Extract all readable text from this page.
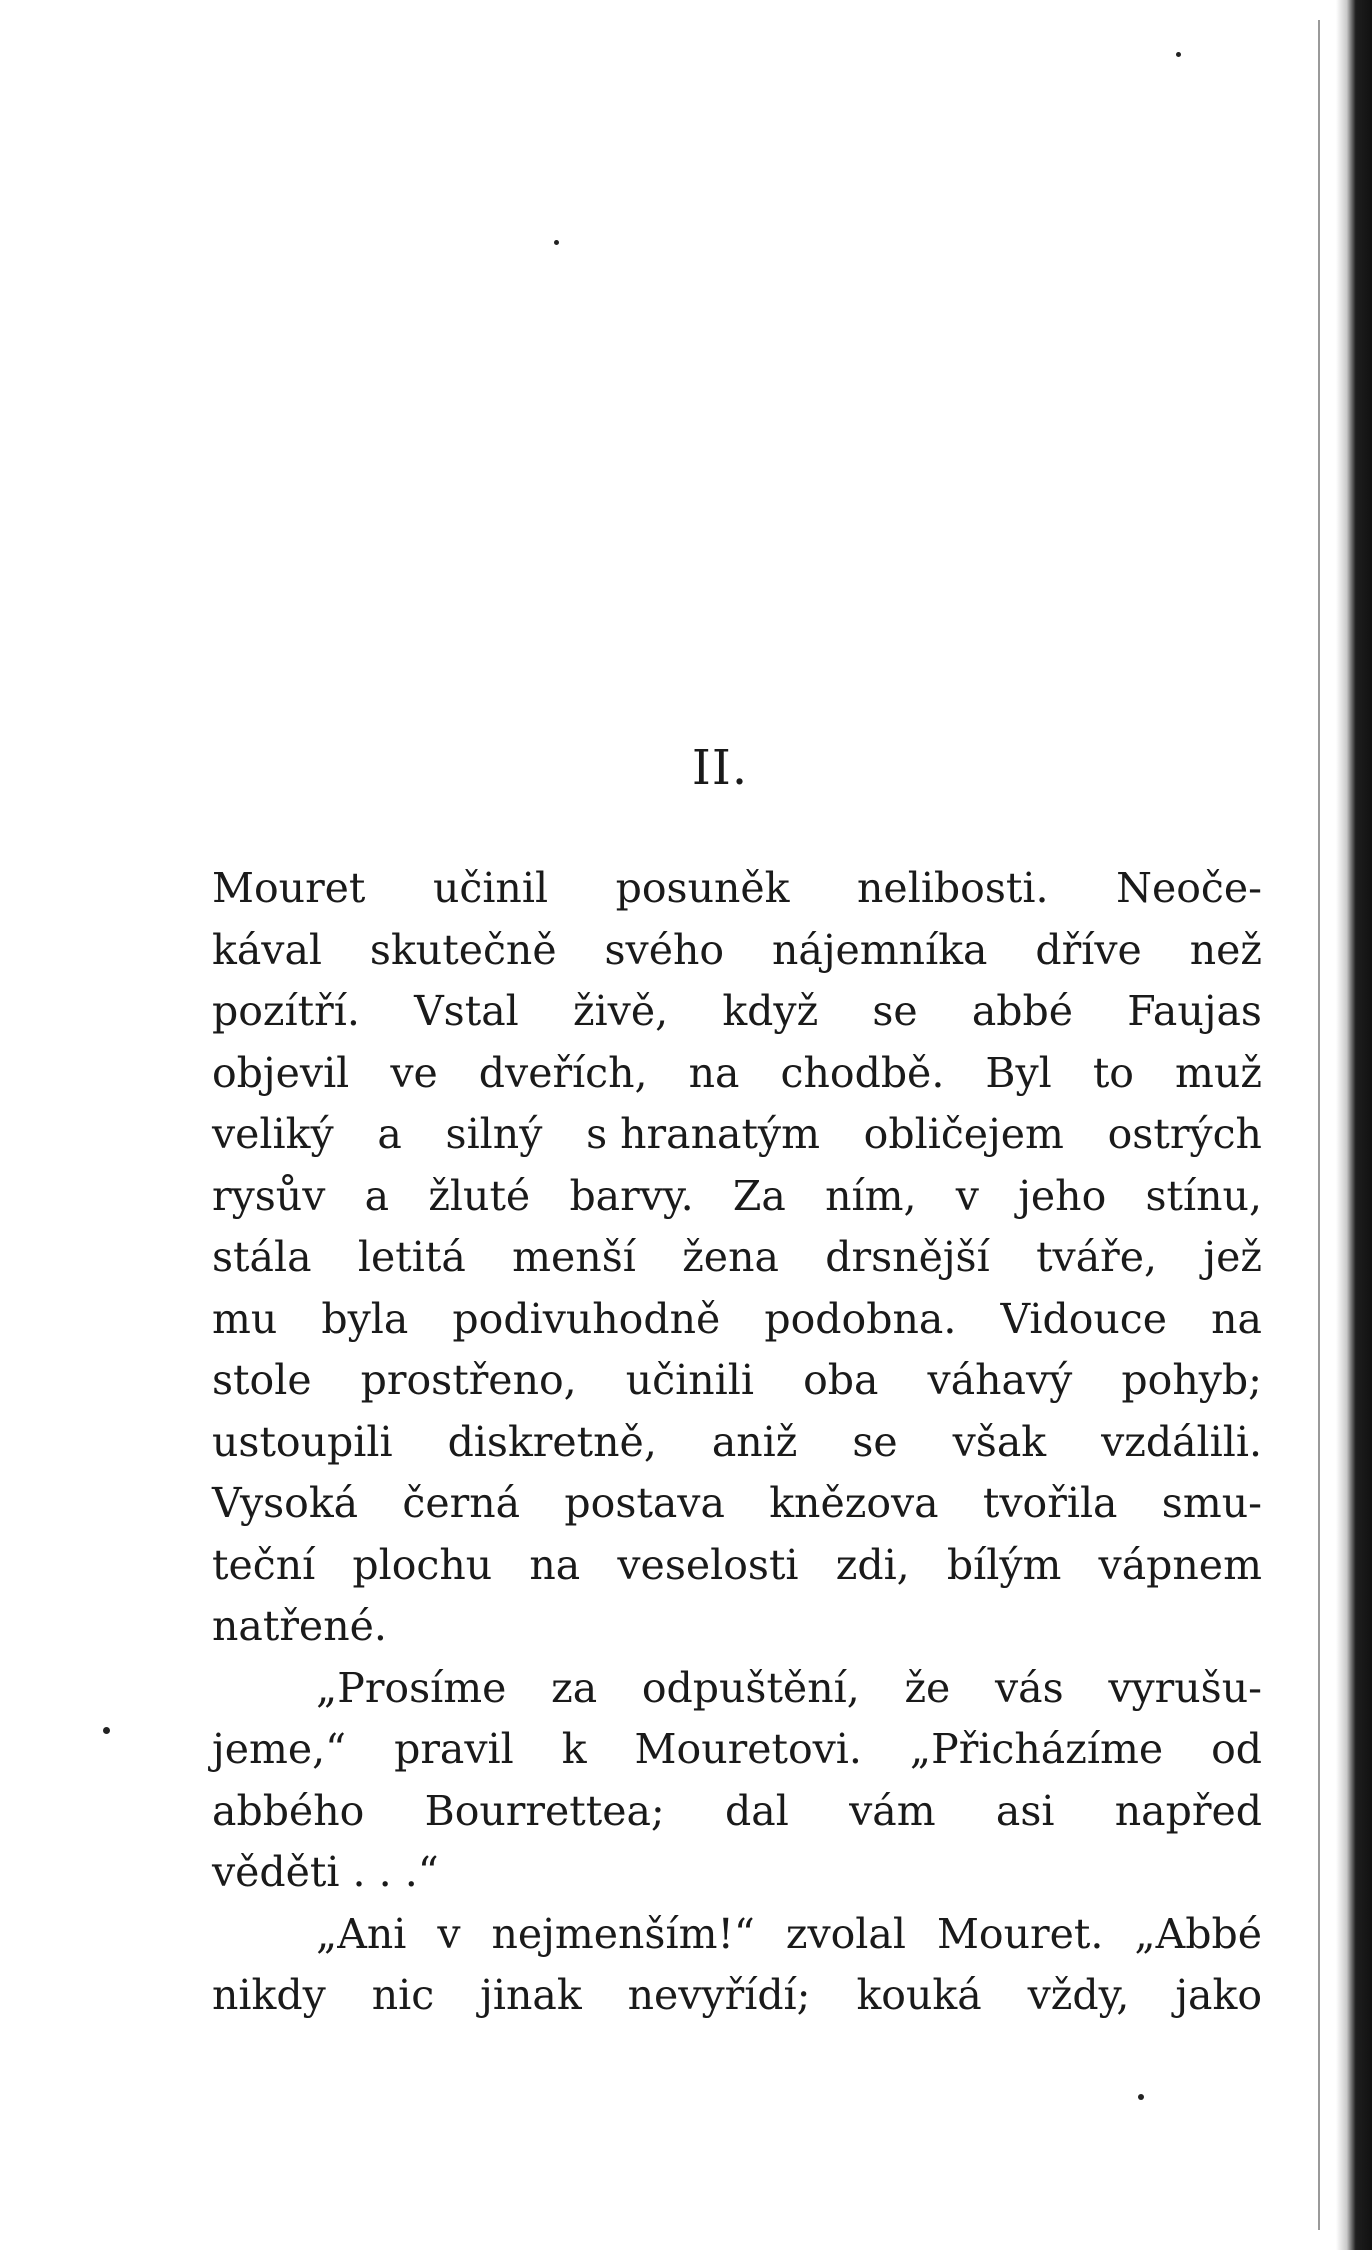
II.
Mouret učinil posuněk nelibosti. Neoče-
kával skutečně svého nájemníka dříve než
pozítří. Vstal živě, když se abbé Faujas
objevil ve dveřích, na chodbě. Byl to muž
veliký a silný s hranatým obličejem ostrých
rysův a žluté barvy. Za ním, v jeho stínu,
stála letitá menší žena drsnější tváře, jež
mu byla podivuhodně podobna. Vidouce na
stole prostřeno, učinili oba váhavý pohyb;
ustoupili diskretně, aniž se však vzdálili.
Vysoká černá postava knězova tvořila smu-
teční plochu na veselosti zdi, bílým vápnem
natřené.
„Prosíme za odpuštění, že vás vyrušu-
jeme,“ pravil k Mouretovi. „Přicházíme od
abbého Bourrettea; dal vám asi napřed
věděti . . .“
„Ani v nejmenším!“ zvolal Mouret. „Abbé
nikdy nic jinak nevyřídí; kouká vždy, jako
